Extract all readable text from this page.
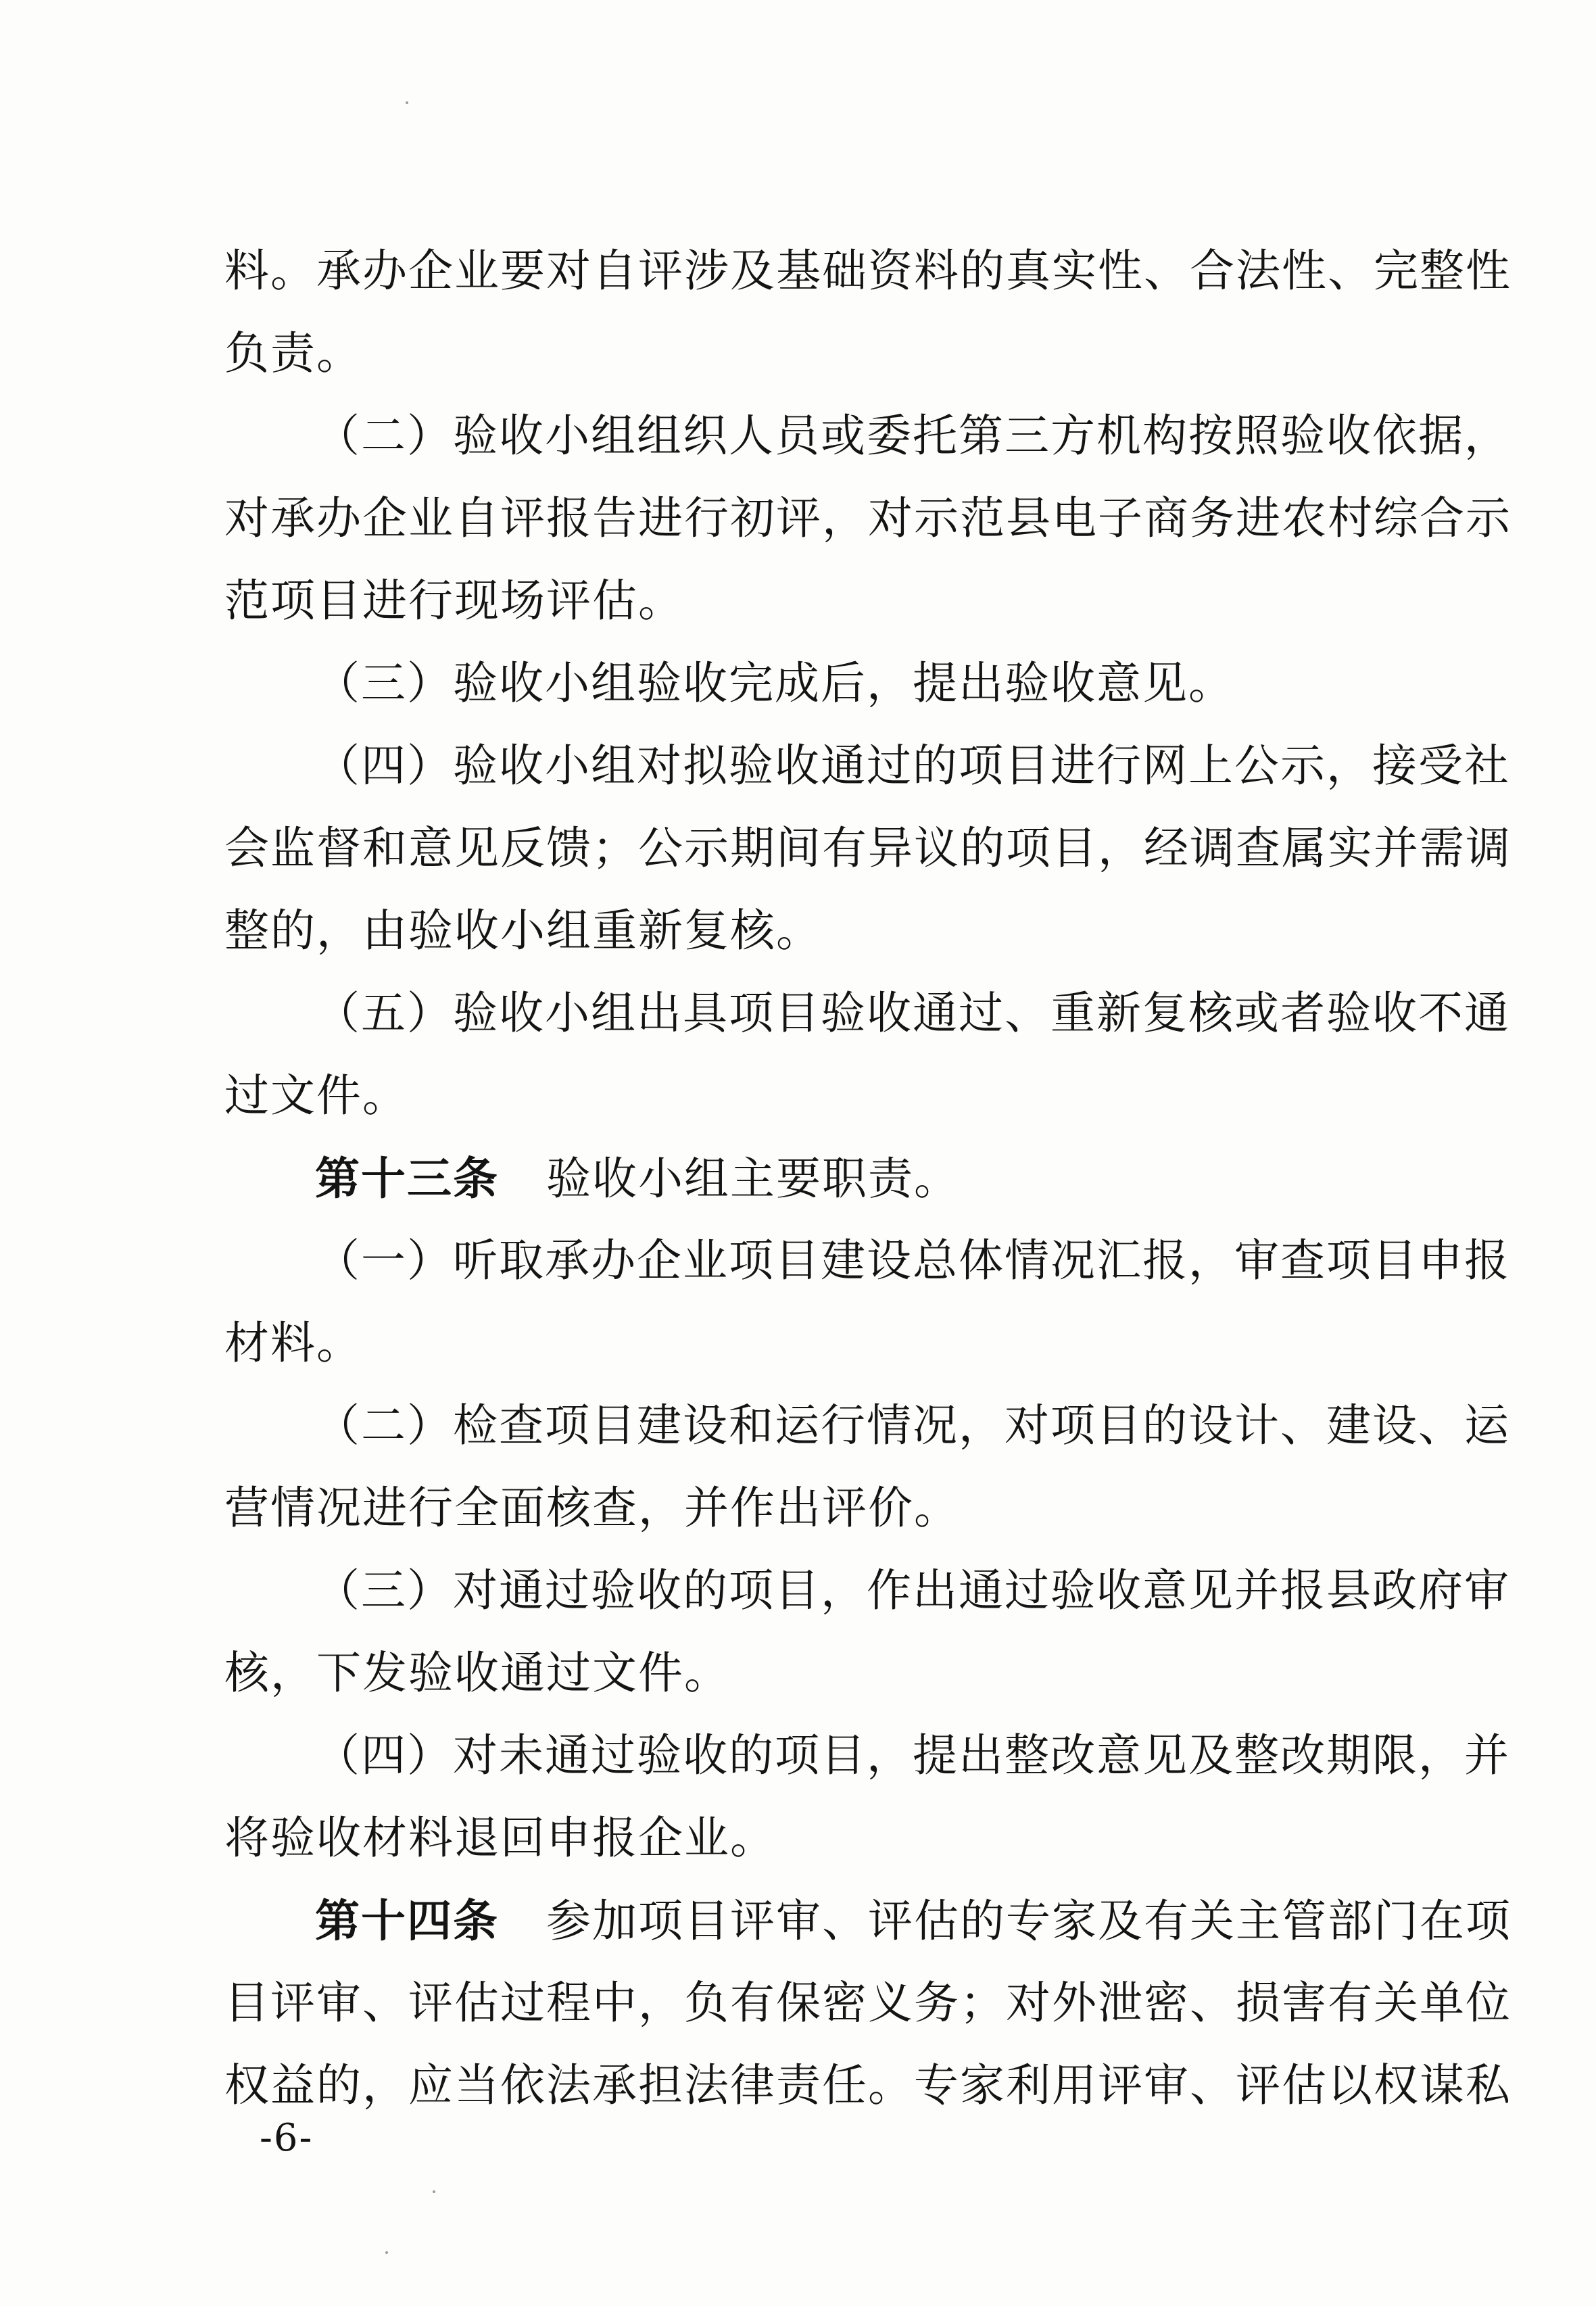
料。承办企业要对自评涉及基础资料的真实性、合法性、完整性
负责。
（二）验收小组组织人员或委托第三方机构按照验收依据，
对承办企业自评报告进行初评，对示范县电子商务进农村综合示
范项目进行现场评估。
（三）验收小组验收完成后，提出验收意见。
（四）验收小组对拟验收通过的项目进行网上公示，接受社
会监督和意见反馈；公示期间有异议的项目，经调查属实并需调
整的，由验收小组重新复核。
（五）验收小组出具项目验收通过、重新复核或者验收不通
过文件。
第十三条 验收小组主要职责。
（一）听取承办企业项目建设总体情况汇报，审查项目申报
材料。
（二）检查项目建设和运行情况，对项目的设计、建设、运
营情况进行全面核查，并作出评价。
（三）对通过验收的项目，作出通过验收意见并报县政府审
核，下发验收通过文件。
（四）对未通过验收的项目，提出整改意见及整改期限，并
将验收材料退回申报企业。
第十四条 参加项目评审、评估的专家及有关主管部门在项
目评审、评估过程中，负有保密义务；对外泄密、损害有关单位
权益的，应当依法承担法律责任。专家利用评审、评估以权谋私
-6-
